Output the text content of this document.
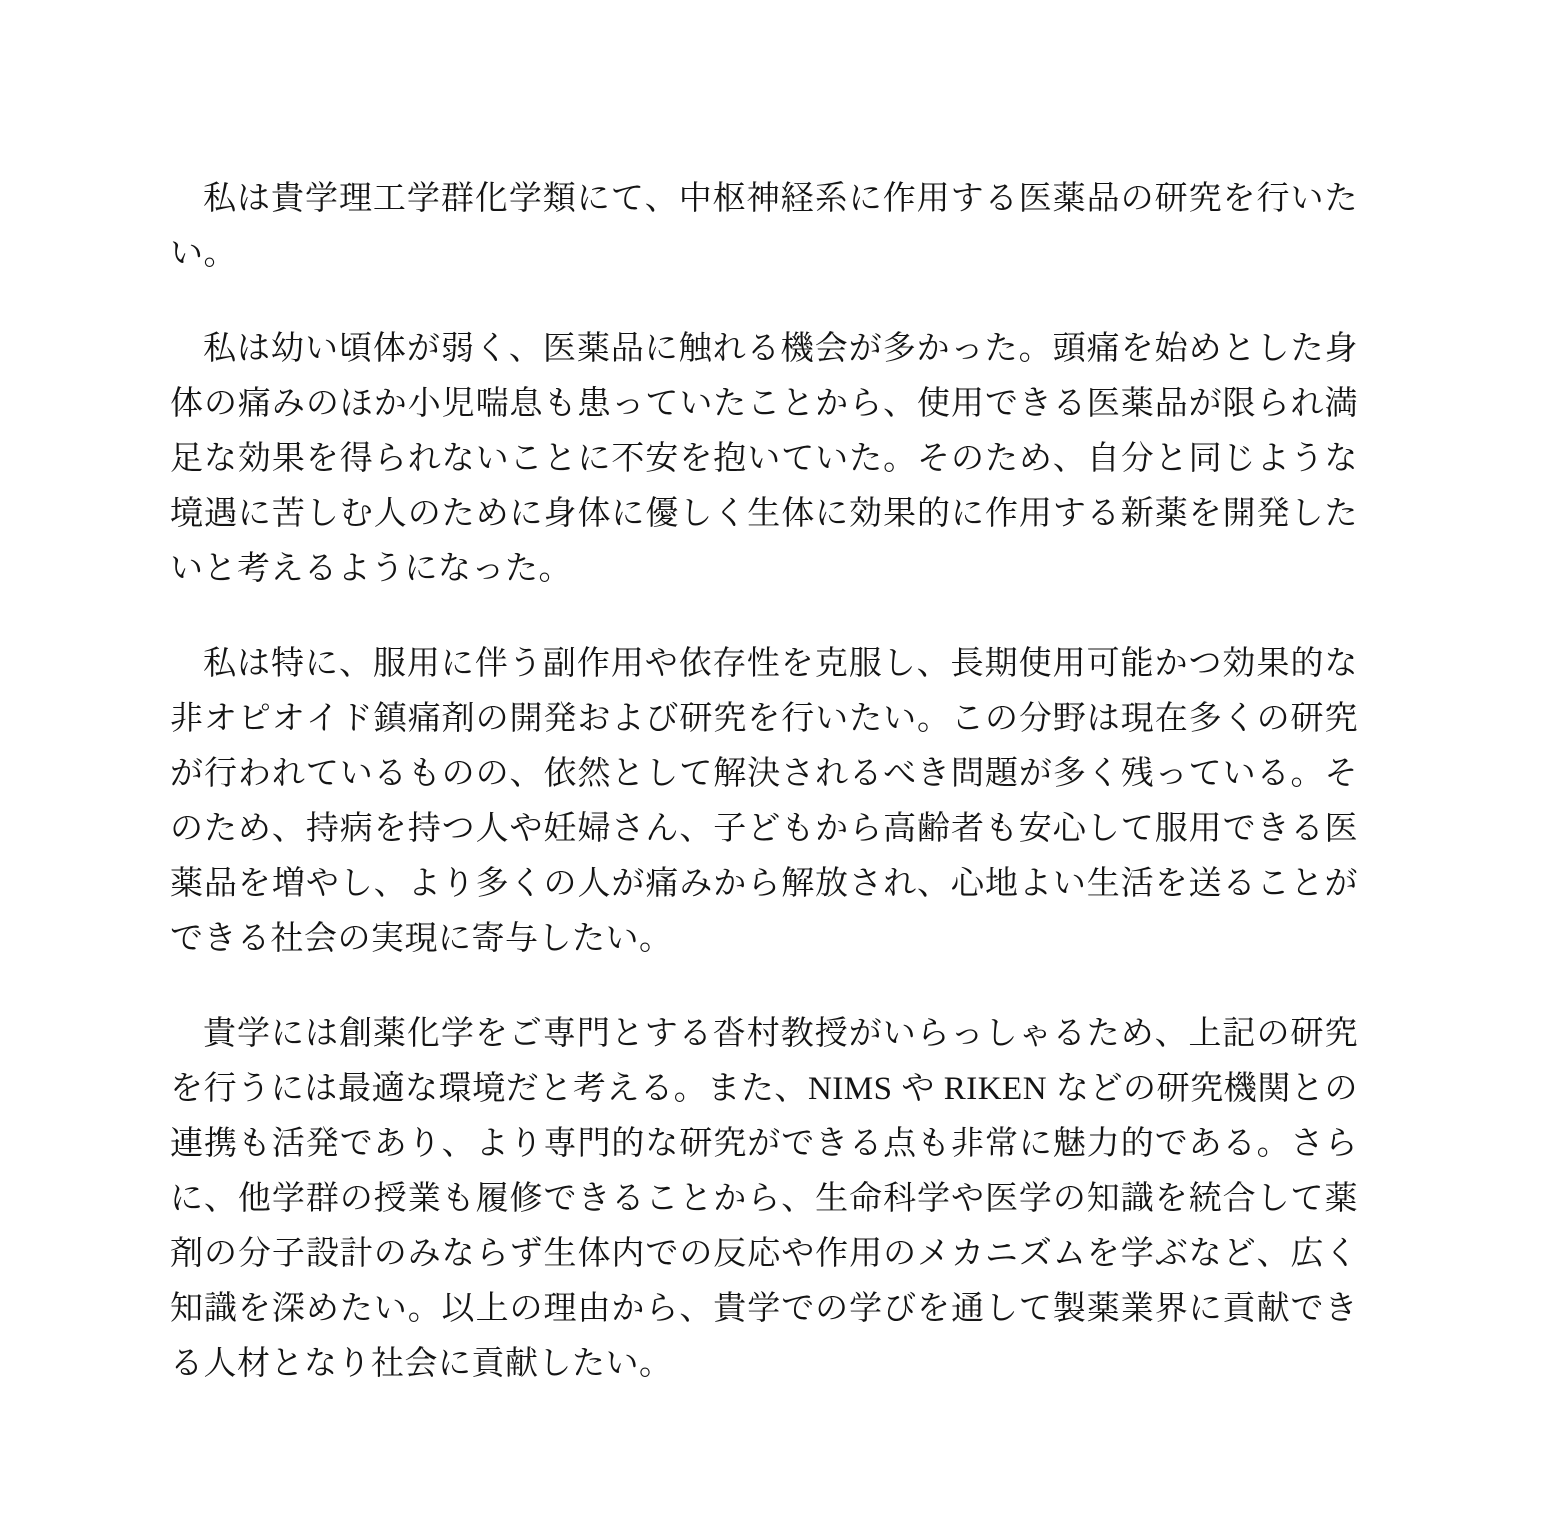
私は貴学理工学群化学類にて、中枢神経系に作用する医薬品の研究を行いたい。

私は幼い頃体が弱く、医薬品に触れる機会が多かった。頭痛を始めとした身体の痛みのほか小児喘息も患っていたことから、使用できる医薬品が限られ満足な効果を得られないことに不安を抱いていた。そのため、自分と同じような境遇に苦しむ人のために身体に優しく生体に効果的に作用する新薬を開発したいと考えるようになった。

私は特に、服用に伴う副作用や依存性を克服し、長期使用可能かつ効果的な非オピオイド鎮痛剤の開発および研究を行いたい。この分野は現在多くの研究が行われているものの、依然として解決されるべき問題が多く残っている。そのため、持病を持つ人や妊婦さん、子どもから高齢者も安心して服用できる医薬品を増やし、より多くの人が痛みから解放され、心地よい生活を送ることができる社会の実現に寄与したい。

貴学には創薬化学をご専門とする沓村教授がいらっしゃるため、上記の研究を行うには最適な環境だと考える。また、NIMS や RIKEN などの研究機関との連携も活発であり、より専門的な研究ができる点も非常に魅力的である。さらに、他学群の授業も履修できることから、生命科学や医学の知識を統合して薬剤の分子設計のみならず生体内での反応や作用のメカニズムを学ぶなど、広く知識を深めたい。以上の理由から、貴学での学びを通して製薬業界に貢献できる人材となり社会に貢献したい。
